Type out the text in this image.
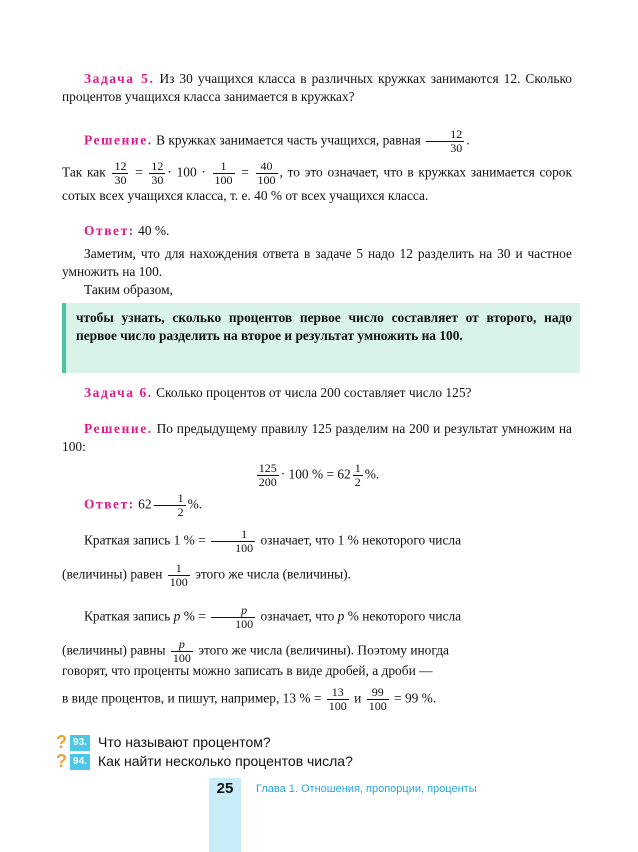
Задача 5. Из 30 учащихся класса в различных кружках занимаются 12. Сколько процентов учащихся класса занимается в кружках?
Решение. В кружках занимается часть учащихся, равная $\frac{12}{30}$ .
Так как $\frac{12}{30} = \frac{12}{30} \cdot 100 \cdot \frac{1}{100} = \frac{40}{100}$ , то это означает, что в кружках занимается сорок сотых всех учащихся класса, т. е. 40 % от всех учащихся класса.
Ответ: 40 %.
Заметим, что для нахождения ответа в задаче 5 надо 12 разделить на 30 и частное умножить на 100.
Таким образом,
чтобы узнать, сколько процентов первое число составляет от второго, надо первое число разделить на второе и результат умножить на 100.
Задача 6. Сколько процентов от числа 200 составляет число 125?
Решение. По предыдущему правилу 125 разделим на 200 и результат умножим на 100:
$\frac{125}{200} \cdot 100$ % = $62 \frac{1}{2}$ %.
Ответ: $62 \frac{1}{2}$ %.
Краткая запись 1 % = $\frac{1}{100}$ означает, что 1 % некоторого числа
(величины) равен $\frac{1}{100}$ этого же числа (величины).
Краткая запись p % = $\frac{p}{100}$ означает, что p % некоторого числа
(величины) равны $\frac{p}{100}$ этого же числа (величины). Поэтому иногда
говорят, что проценты можно записать в виде дробей, а дроби —
в виде процентов, и пишут, например, 13 % = $\frac{13}{100}$ и $\frac{99}{100} = 99$ %.
? 93. Что называют процентом?
? 94. Как найти несколько процентов числа?
25	Глава 1. Отношения, пропорции, проценты
